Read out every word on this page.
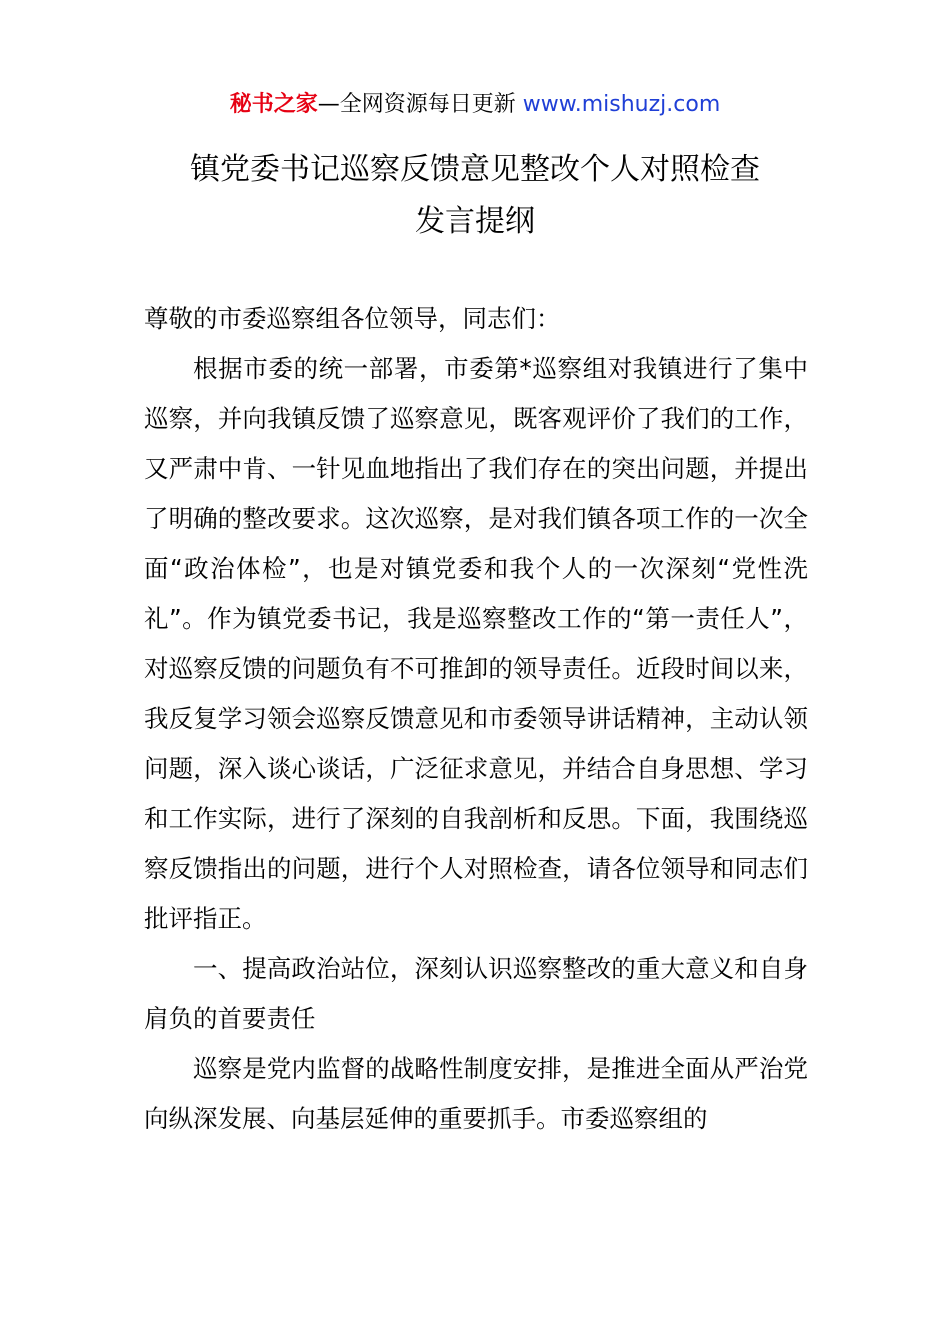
秘书之家—全网资源每日更新 www.mishuzj.com
镇党委书记巡察反馈意见整改个人对照检查
发言提纲

尊敬的市委巡察组各位领导，同志们：

根据市委的统一部署，市委第*巡察组对我镇进行了集中巡察，并向我镇反馈了巡察意见，既客观评价了我们的工作，又严肃中肯、一针见血地指出了我们存在的突出问题，并提出了明确的整改要求。这次巡察，是对我们镇各项工作的一次全面“政治体检”，也是对镇党委和我个人的一次深刻“党性洗礼”。作为镇党委书记，我是巡察整改工作的“第一责任人”，对巡察反馈的问题负有不可推卸的领导责任。近段时间以来，我反复学习领会巡察反馈意见和市委领导讲话精神，主动认领问题，深入谈心谈话，广泛征求意见，并结合自身思想、学习和工作实际，进行了深刻的自我剖析和反思。下面，我围绕巡察反馈指出的问题，进行个人对照检查，请各位领导和同志们批评指正。

一、提高政治站位，深刻认识巡察整改的重大意义和自身肩负的首要责任

巡察是党内监督的战略性制度安排，是推进全面从严治党向纵深发展、向基层延伸的重要抓手。市委巡察组的
